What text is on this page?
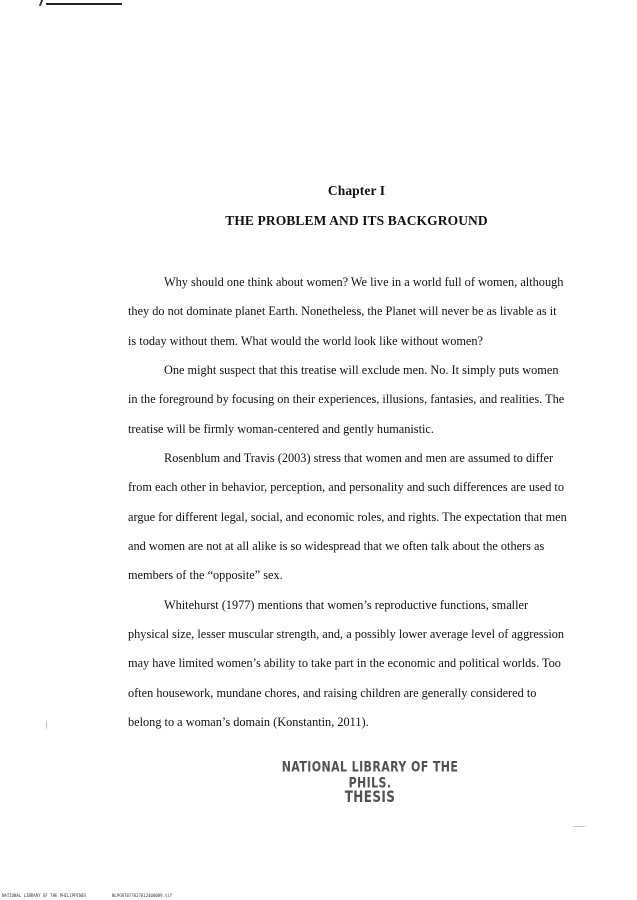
Chapter I
THE PROBLEM AND ITS BACKGROUND

Why should one think about women? We live in a world full of women, although
they do not dominate planet Earth. Nonetheless, the Planet will never be as livable as it
is today without them. What would the world look like without women?

One might suspect that this treatise will exclude men. No. It simply puts women
in the foreground by focusing on their experiences, illusions, fantasies, and realities. The
treatise will be firmly woman-centered and gently humanistic.

Rosenblum and Travis (2003) stress that women and men are assumed to differ
from each other in behavior, perception, and personality and such differences are used to
argue for different legal, social, and economic roles, and rights. The expectation that men
and women are not at all alike is so widespread that we often talk about the others as
members of the “opposite” sex.

Whitehurst (1977) mentions that women’s reproductive functions, smaller
physical size, lesser muscular strength, and, a possibly lower average level of aggression
may have limited women’s ability to take part in the economic and political worlds. Too
often housework, mundane chores, and raising children are generally considered to
belong to a woman’s domain (Konstantin, 2011).

NATIONAL LIBRARY OF THE PHILS.
THESIS
NATIONAL LIBRARY OF THE PHILIPPINES	NLPGRT077027012400009.tif
